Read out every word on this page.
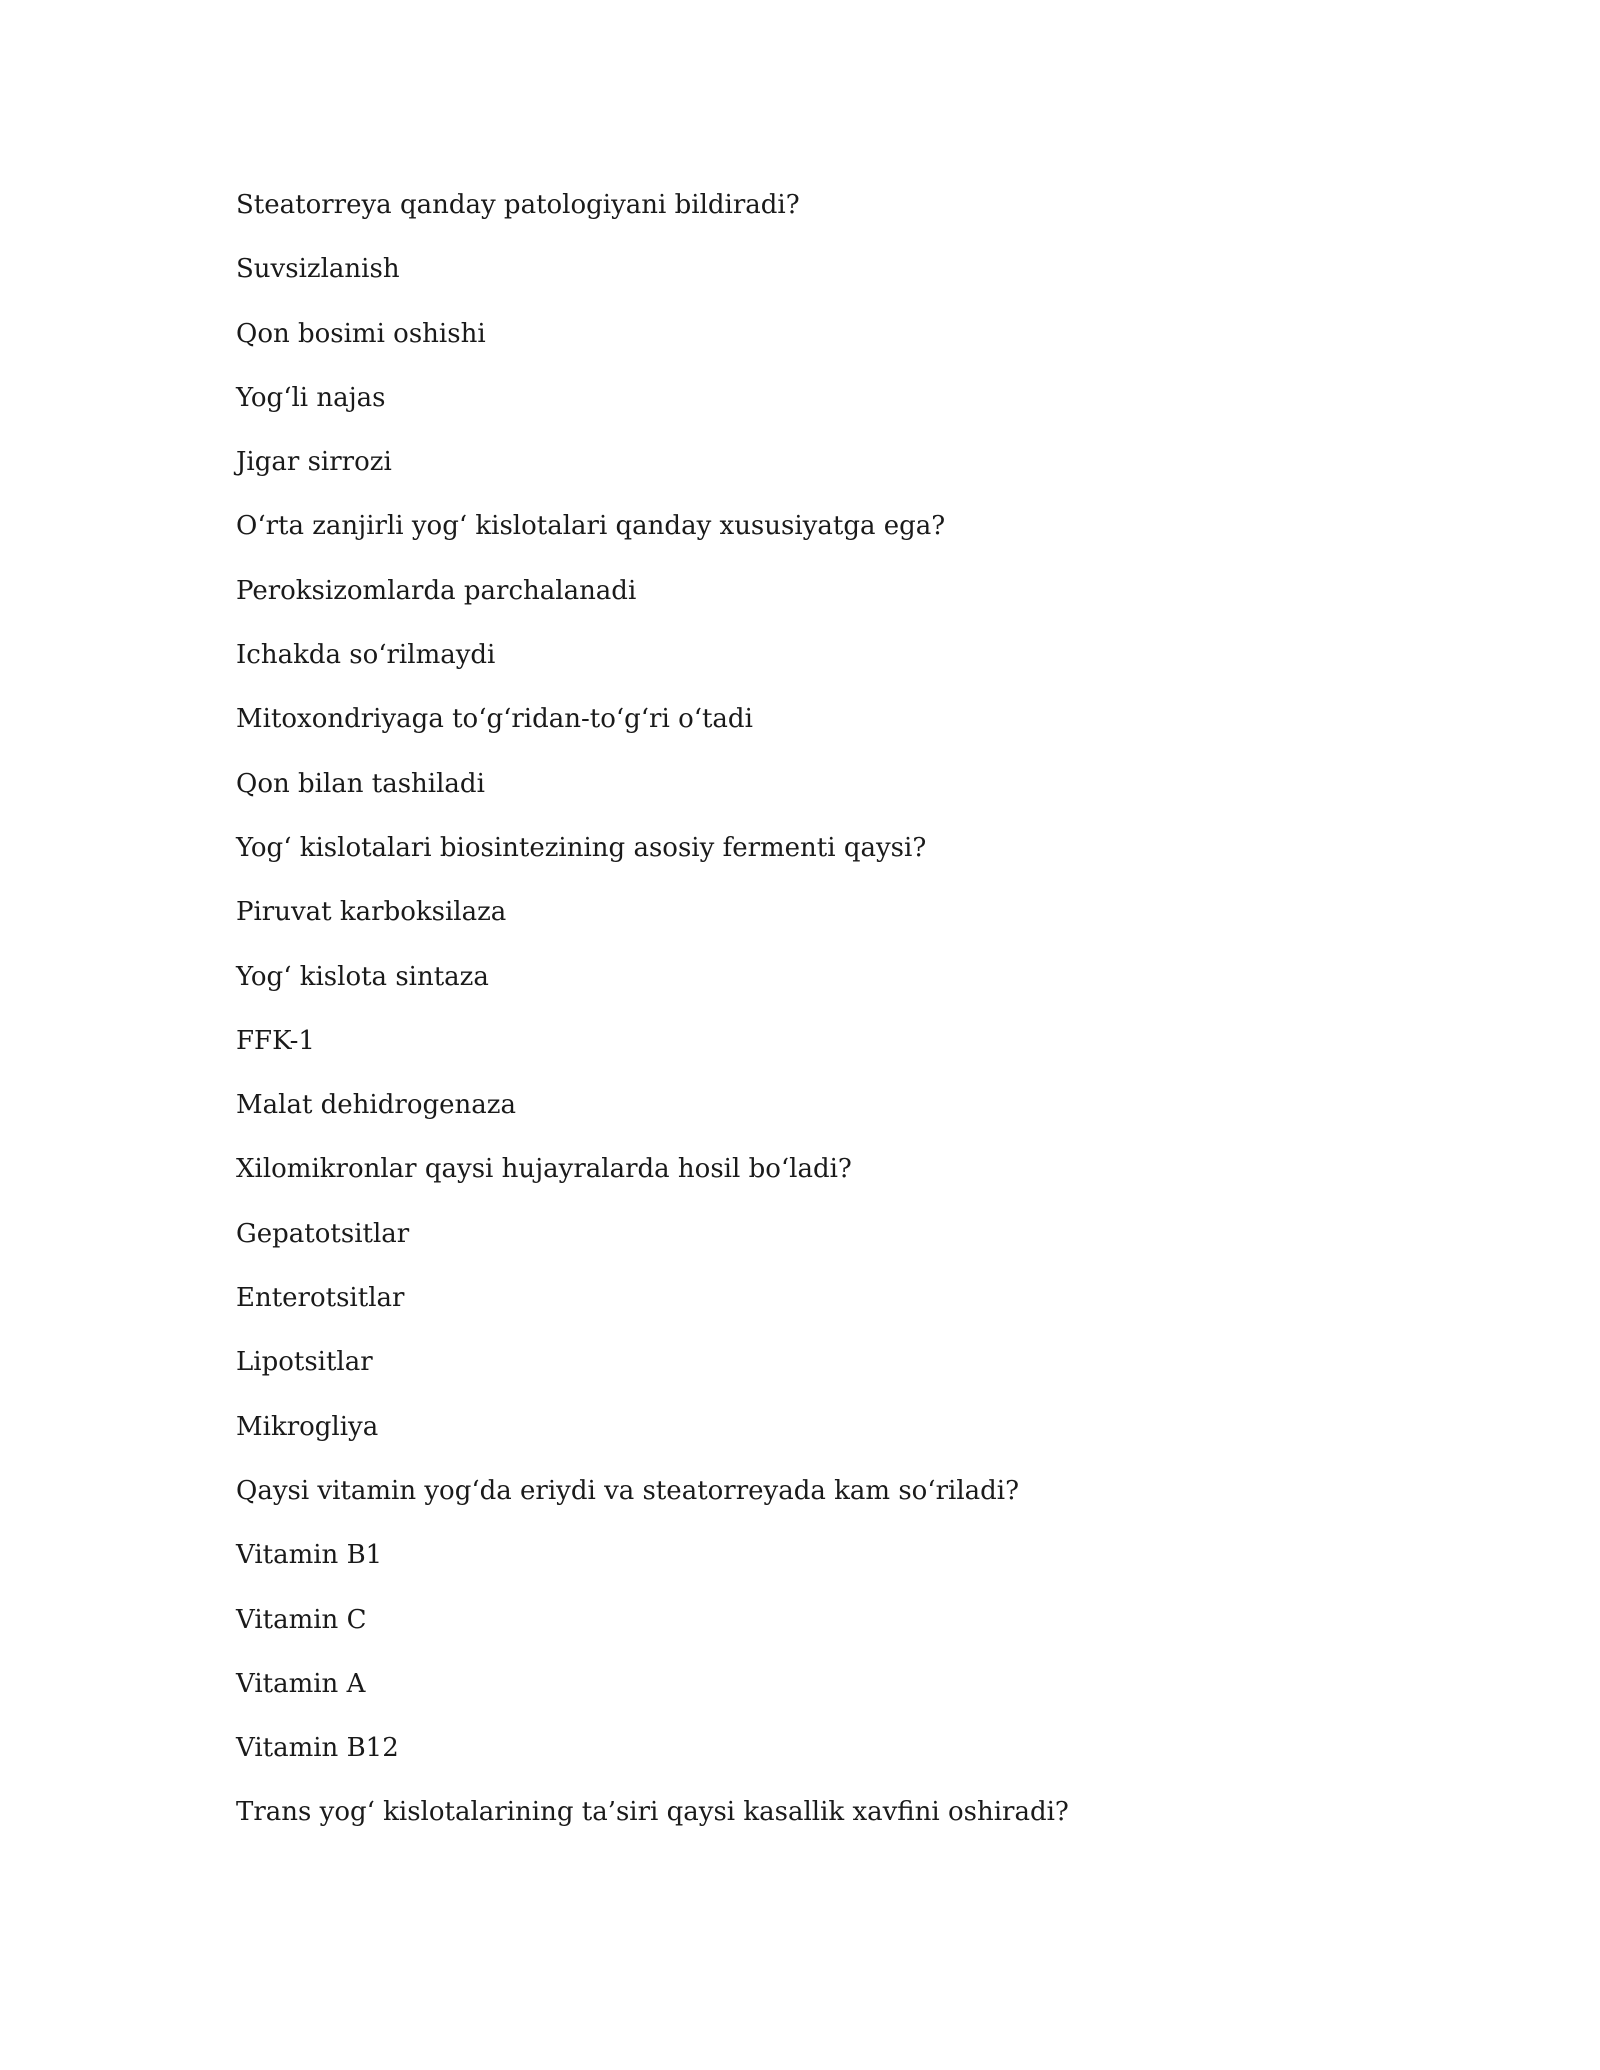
Steatorreya qanday patologiyani bildiradi?
Suvsizlanish
Qon bosimi oshishi
Yog‘li najas
Jigar sirrozi
O‘rta zanjirli yog‘ kislotalari qanday xususiyatga ega?
Peroksizomlarda parchalanadi
Ichakda so‘rilmaydi
Mitoxondriyaga to‘g‘ridan-to‘g‘ri o‘tadi
Qon bilan tashiladi
Yog‘ kislotalari biosintezining asosiy fermenti qaysi?
Piruvat karboksilaza
Yog‘ kislota sintaza
FFK-1
Malat dehidrogenaza
Xilomikronlar qaysi hujayralarda hosil bo‘ladi?
Gepatotsitlar
Enterotsitlar
Lipotsitlar
Mikrogliya
Qaysi vitamin yog‘da eriydi va steatorreyada kam so‘riladi?
Vitamin B1
Vitamin C
Vitamin A
Vitamin B12
Trans yog‘ kislotalarining ta’siri qaysi kasallik xavfini oshiradi?
